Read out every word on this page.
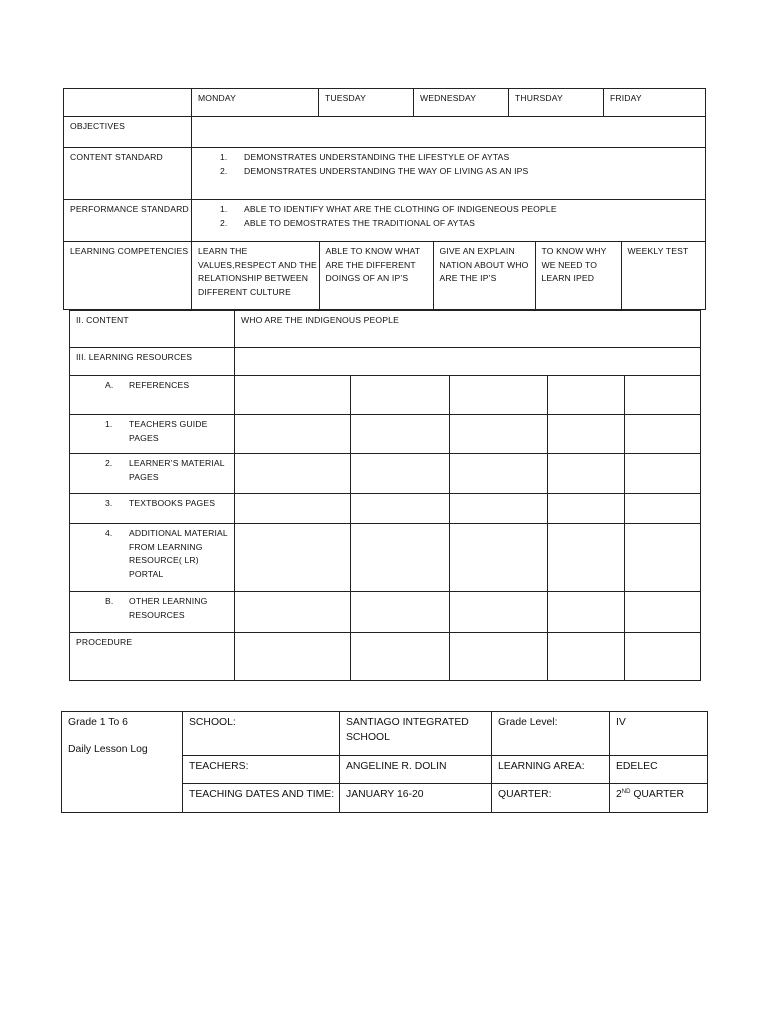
	MONDAY	TUESDAY	WEDNESDAY	THURSDAY	FRIDAY
OBJECTIVES	
CONTENT STANDARD	1.	DEMONSTRATES UNDERSTANDING THE LIFESTYLE OF AYTAS
2.	DEMONSTRATES UNDERSTANDING THE WAY OF LIVING AS AN IPS

PERFORMANCE STANDARD	1.	ABLE TO IDENTIFY WHAT ARE THE CLOTHING OF INDIGENEOUS PEOPLE
2.	ABLE TO DEMOSTRATES THE TRADITIONAL OF AYTAS

LEARNING COMPETENCIES	LEARN THE VALUES,RESPECT AND THE RELATIONSHIP BETWEEN DIFFERENT CULTURE	ABLE TO KNOW WHAT ARE THE DIFFERENT DOINGS OF AN IP’S	GIVE AN EXPLAIN NATION ABOUT WHO ARE THE IP’S	TO KNOW WHY WE NEED TO LEARN IPED	WEEKLY TEST
II. CONTENT	WHO ARE THE INDIGENOUS PEOPLE				
III. LEARNING RESOURCES					

A. REFERENCES					

1. TEACHERS GUIDE PAGES					

2. LEARNER’S MATERIAL PAGES					

3. TEXTBOOKS PAGES					

4. ADDITIONAL MATERIAL FROM LEARNING RESOURCE( LR) PORTAL					

B. OTHER LEARNING RESOURCES					

PROCEDURE					
Grade 1 To 6
Daily Lesson Log	SCHOOL:	SANTIAGO INTEGRATED SCHOOL	Grade Level:	IV
	TEACHERS:	ANGELINE R. DOLIN	LEARNING AREA:	EDELEC
	TEACHING DATES AND TIME:	JANUARY 16-20	QUARTER:	2ND QUARTER
